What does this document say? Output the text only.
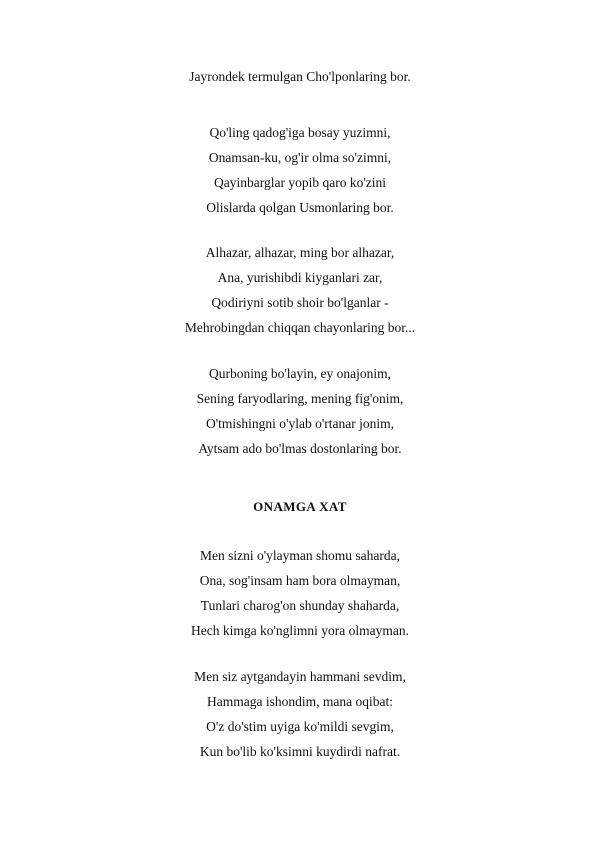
Jayrondek termulgan Cho'lponlaring bor.
Qo'ling qadog'iga bosay yuzimni,
Onamsan-ku, og'ir olma so'zimni,
Qayinbarglar yopib qaro ko'zini
Olislarda qolgan Usmonlaring bor.
Alhazar, alhazar, ming bor alhazar,
Ana, yurishibdi kiyganlari zar,
Qodiriyni sotib shoir bo'lganlar -
Mehrobingdan chiqqan chayonlaring bor...
Qurboning bo'layin, ey onajonim,
Sening faryodlaring, mening fig'onim,
O'tmishingni o'ylab o'rtanar jonim,
Aytsam ado bo'lmas dostonlaring bor.
ONAMGA XAT
Men sizni o'ylayman shomu saharda,
Ona, sog'insam ham bora olmayman,
Tunlari charog'on shunday shaharda,
Hech kimga ko'nglimni yora olmayman.
Men siz aytgandayin hammani sevdim,
Hammaga ishondim, mana oqibat:
O'z do'stim uyiga ko'mildi sevgim,
Kun bo'lib ko'ksimni kuydirdi nafrat.
